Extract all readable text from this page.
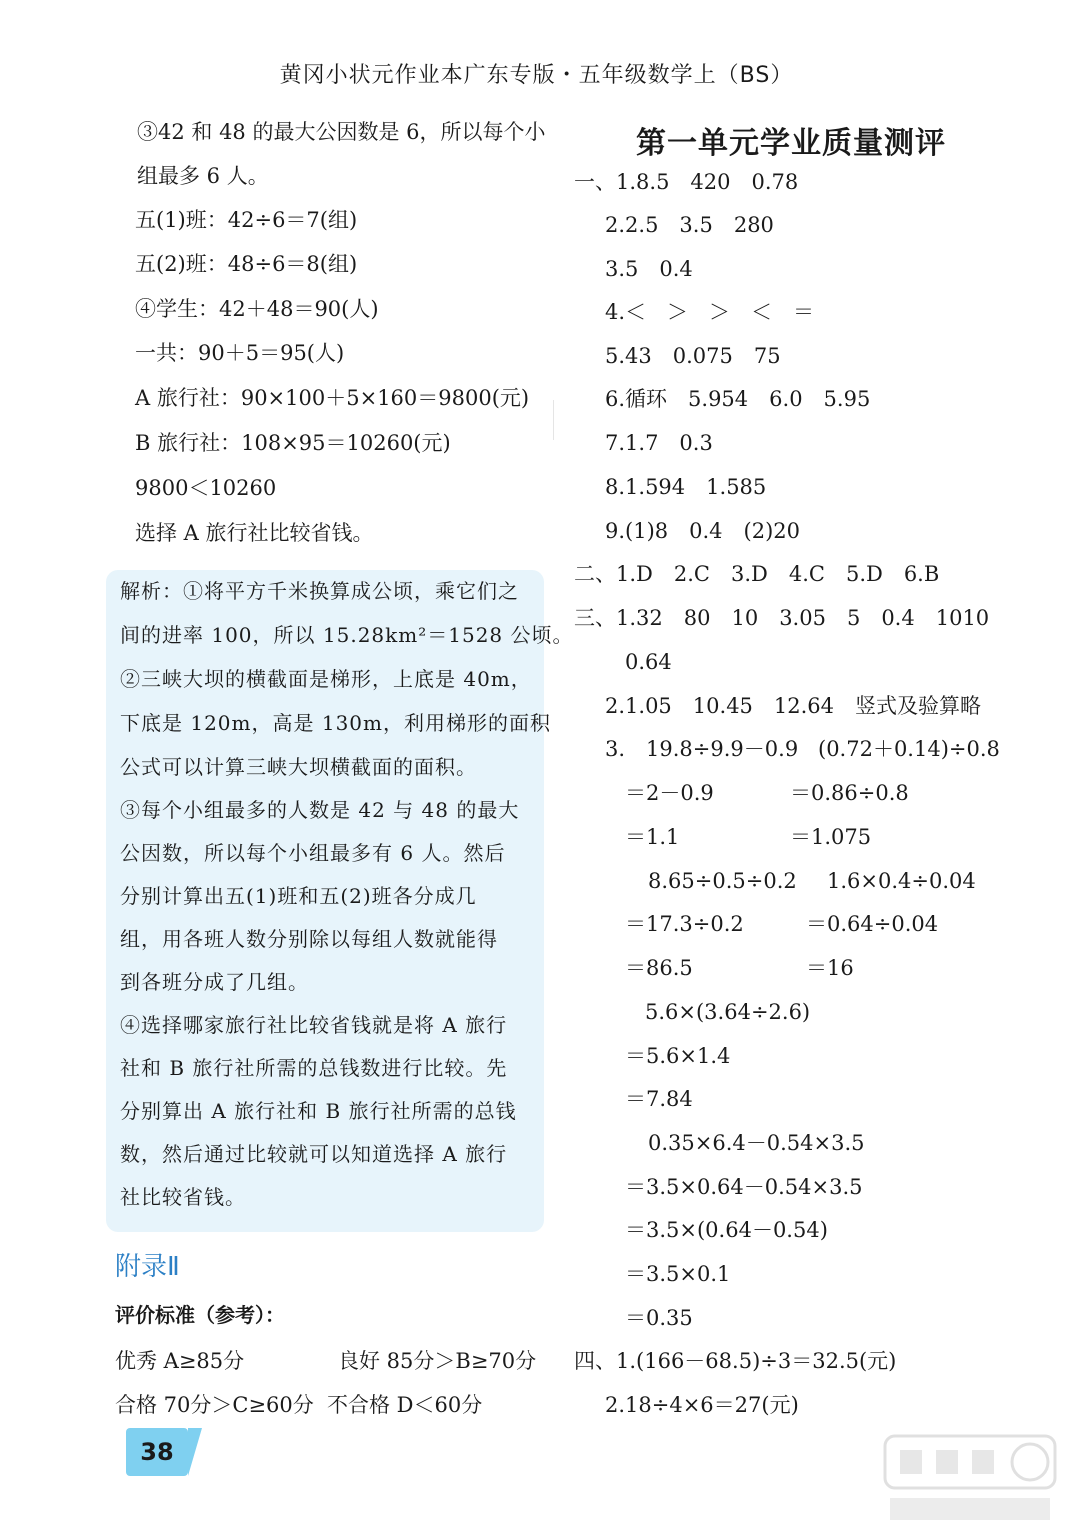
黄冈小状元作业本广东专版・五年级数学上（BS）
③42 和 48 的最大公因数是 6，所以每个小
组最多 6 人。
五(1)班：42÷6＝7(组)
五(2)班：48÷6＝8(组)
④学生：42＋48＝90(人)
一共：90＋5＝95(人)
A 旅行社：90×100＋5×160＝9800(元)
B 旅行社：108×95＝10260(元)
9800＜10260
选择 A 旅行社比较省钱。
解析：①将平方千米换算成公顷，乘它们之
间的进率 100，所以 15.28km²＝1528 公顷。
②三峡大坝的横截面是梯形，上底是 40m，
下底是 120m，高是 130m，利用梯形的面积
公式可以计算三峡大坝横截面的面积。
③每个小组最多的人数是 42 与 48 的最大
公因数，所以每个小组最多有 6 人。然后
分别计算出五(1)班和五(2)班各分成几
组，用各班人数分别除以每组人数就能得
到各班分成了几组。
④选择哪家旅行社比较省钱就是将 A 旅行
社和 B 旅行社所需的总钱数进行比较。先
分别算出 A 旅行社和 B 旅行社所需的总钱
数，然后通过比较就可以知道选择 A 旅行
社比较省钱。
附录Ⅱ
评价标准（参考）：
优秀 A≥85分	良好 85分＞B≥70分
合格 70分＞C≥60分 不合格 D＜60分
38
第一单元学业质量测评
一、1.8.5　420　0.78
2.2.5　3.5　280
3.5　0.4
4.＜　＞　＞　＜　＝
5.43　0.075　75
6.循环　5.954　6.0　5.95
7.1.7　0.3
8.1.594　1.585
9.(1)8　0.4　(2)20
二、1.D　2.C　3.D　4.C　5.D　6.B
三、1.32　80　10　3.05　5　0.4　1010
0.64
2.1.05　10.45　12.64　竖式及验算略
3.　19.8÷9.9－0.9 (0.72＋0.14)÷0.8
＝2－0.9	＝0.86÷0.8
＝1.1	＝1.075
8.65÷0.5÷0.2 1.6×0.4÷0.04
＝17.3÷0.2	＝0.64÷0.04
＝86.5	＝16
5.6×(3.64÷2.6)
＝5.6×1.4
＝7.84
0.35×6.4－0.54×3.5
＝3.5×0.64－0.54×3.5
＝3.5×(0.64－0.54)
＝3.5×0.1
＝0.35
四、1.(166－68.5)÷3＝32.5(元)
2.18÷4×6＝27(元)
